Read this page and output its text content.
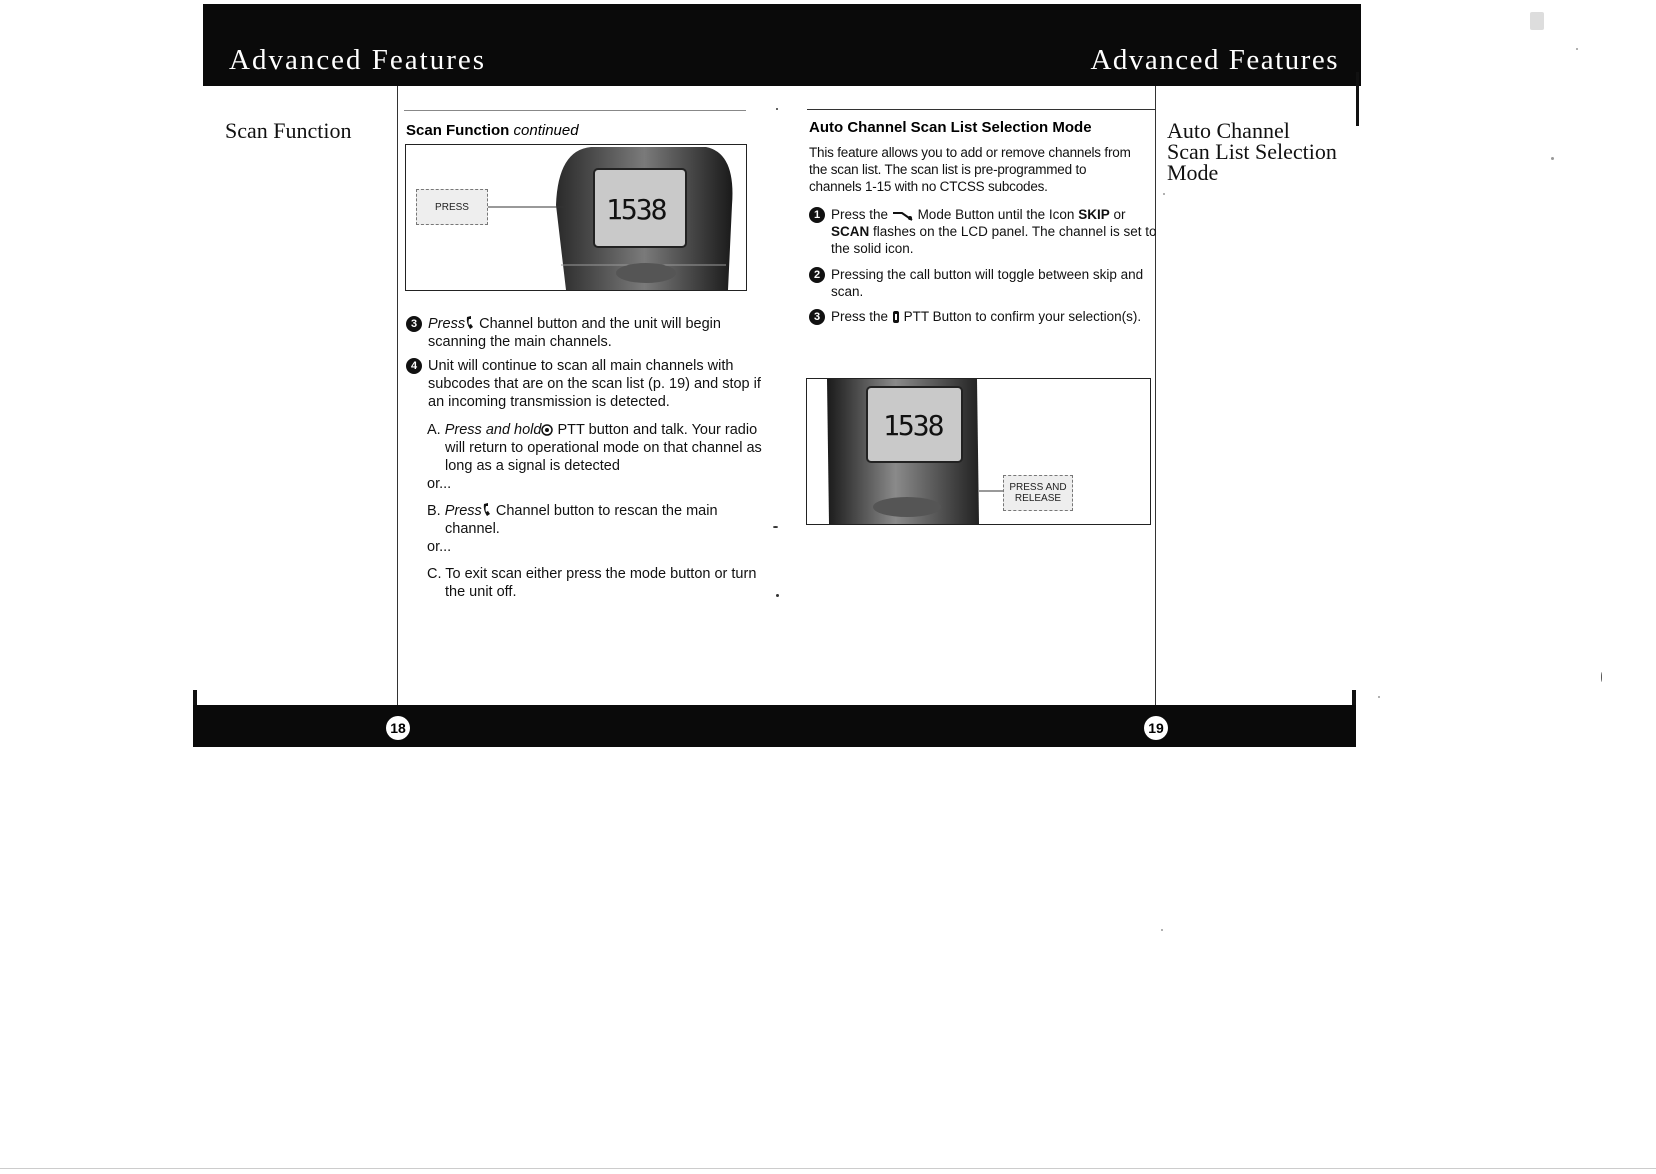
Advanced Features	Advanced Features
Scan Function	Auto Channel Scan List Selection Mode
Scan Function continued
1538
PRESS
3 Press Channel button and the unit will begin scanning the main channels.
4 Unit will continue to scan all main channels with subcodes that are on the scan list (p. 19) and stop if an incoming transmission is detected.
A. Press and hold PTT button and talk. Your radio will return to operational mode on that channel as long as a signal is detected
or...
B. Press Channel button to rescan the main channel.
or...
C. To exit scan either press the mode button or turn the unit off.
Auto Channel Scan List Selection Mode
This feature allows you to add or remove channels from the scan list. The scan list is pre-programmed to channels 1-15 with no CTCSS subcodes.
1 Press the Mode Button until the Icon SKIP or SCAN flashes on the LCD panel. The channel is set to the solid icon.
2 Pressing the call button will toggle between skip and scan.
3 Press the PTT Button to confirm your selection(s).
1538
PRESS AND RELEASE
18	19
